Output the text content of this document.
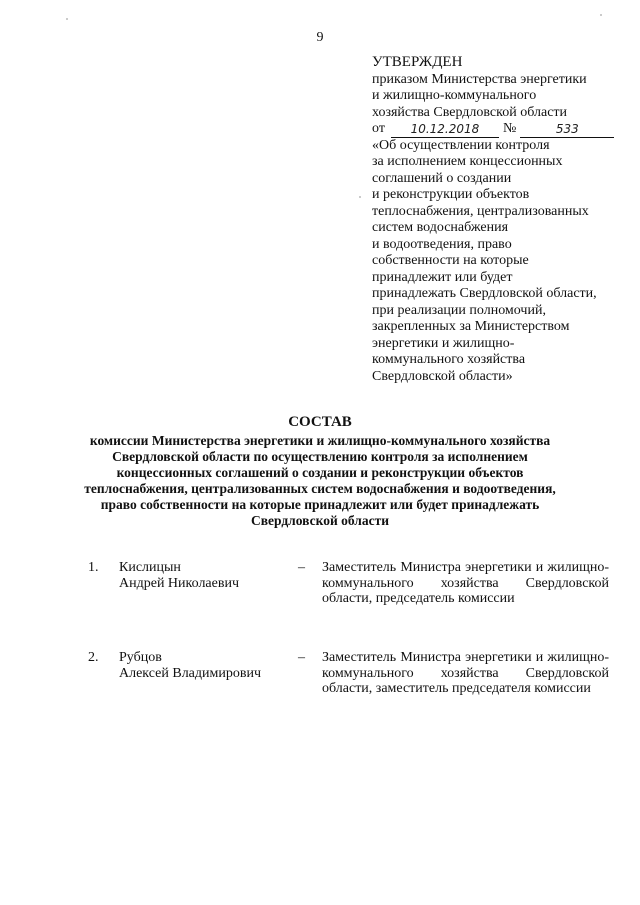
9
УТВЕРЖДЕН
приказом Министерства энергетики
и жилищно-коммунального
хозяйства Свердловской области
от 10.12.2018 №	533
«Об осуществлении контроля
за исполнением концессионных
соглашений о создании
и реконструкции объектов
теплоснабжения, централизованных
систем водоснабжения
и водоотведения, право
собственности на которые
принадлежит или будет
принадлежать Свердловской области,
при реализации полномочий,
закрепленных за Министерством
энергетики и жилищно-
коммунального хозяйства
Свердловской области»
СОСТАВ
комиссии Министерства энергетики и жилищно-коммунального хозяйства
Свердловской области по осуществлению контроля за исполнением
концессионных соглашений о создании и реконструкции объектов
теплоснабжения, централизованных систем водоснабжения и водоотведения,
право собственности на которые принадлежит или будет принадлежать
Свердловской области
1. Кислицын
Андрей Николаевич
– Заместитель Министра энергетики и жилищно-коммунального хозяйства Свердловской области, председатель комиссии
2. Рубцов
Алексей Владимирович
– Заместитель Министра энергетики и жилищно-коммунального хозяйства Свердловской области, заместитель председателя комиссии
